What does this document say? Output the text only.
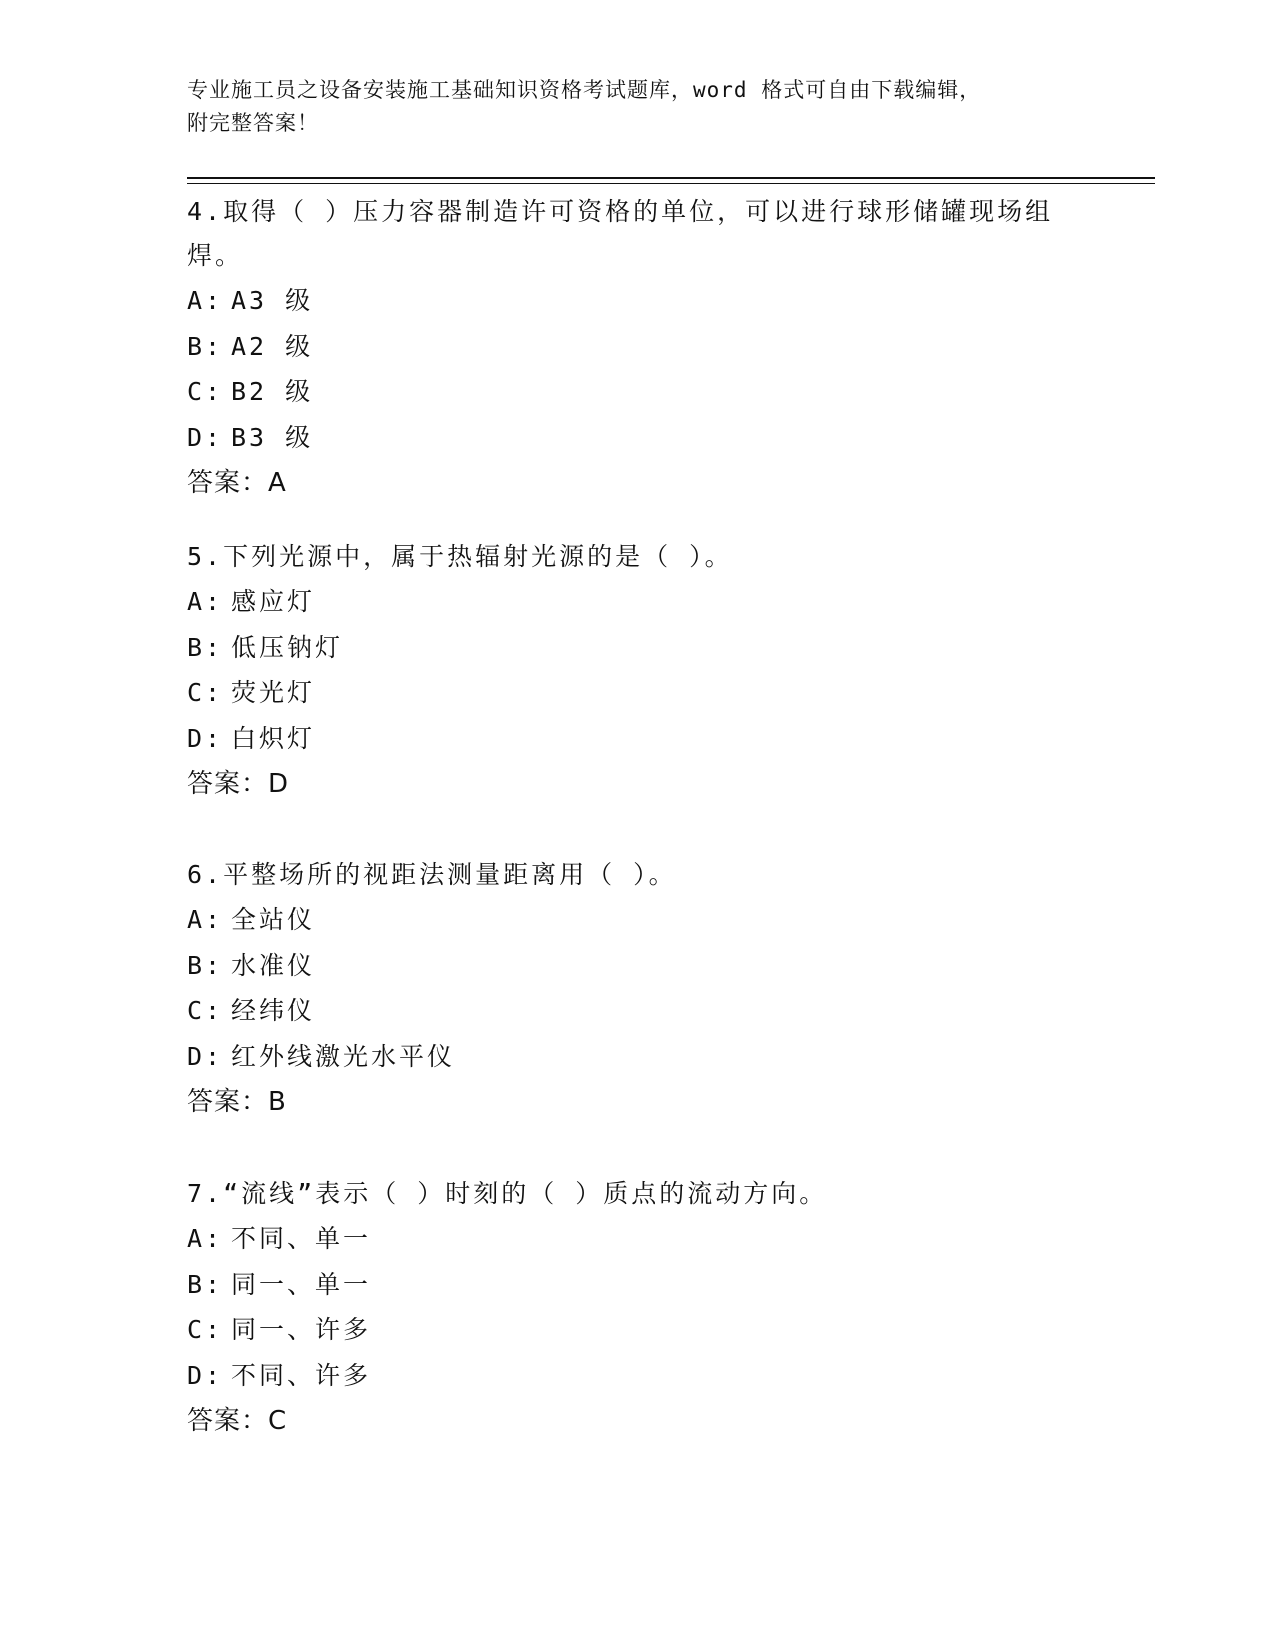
专业施工员之设备安装施工基础知识资格考试题库，word 格式可自由下载编辑，
附完整答案！
4.取得（ ）压力容器制造许可资格的单位，可以进行球形储罐现场组
焊。
A: A3 级
B: A2 级
C: B2 级
D: B3 级
答案：A
5.下列光源中，属于热辐射光源的是（ ）。
A: 感应灯
B: 低压钠灯
C: 荧光灯
D: 白炽灯
答案：D
6.平整场所的视距法测量距离用（ ）。
A: 全站仪
B: 水准仪
C: 经纬仪
D: 红外线激光水平仪
答案：B
7.“流线”表示（ ）时刻的（ ）质点的流动方向。
A: 不同、单一
B: 同一、单一
C: 同一、许多
D: 不同、许多
答案：C
